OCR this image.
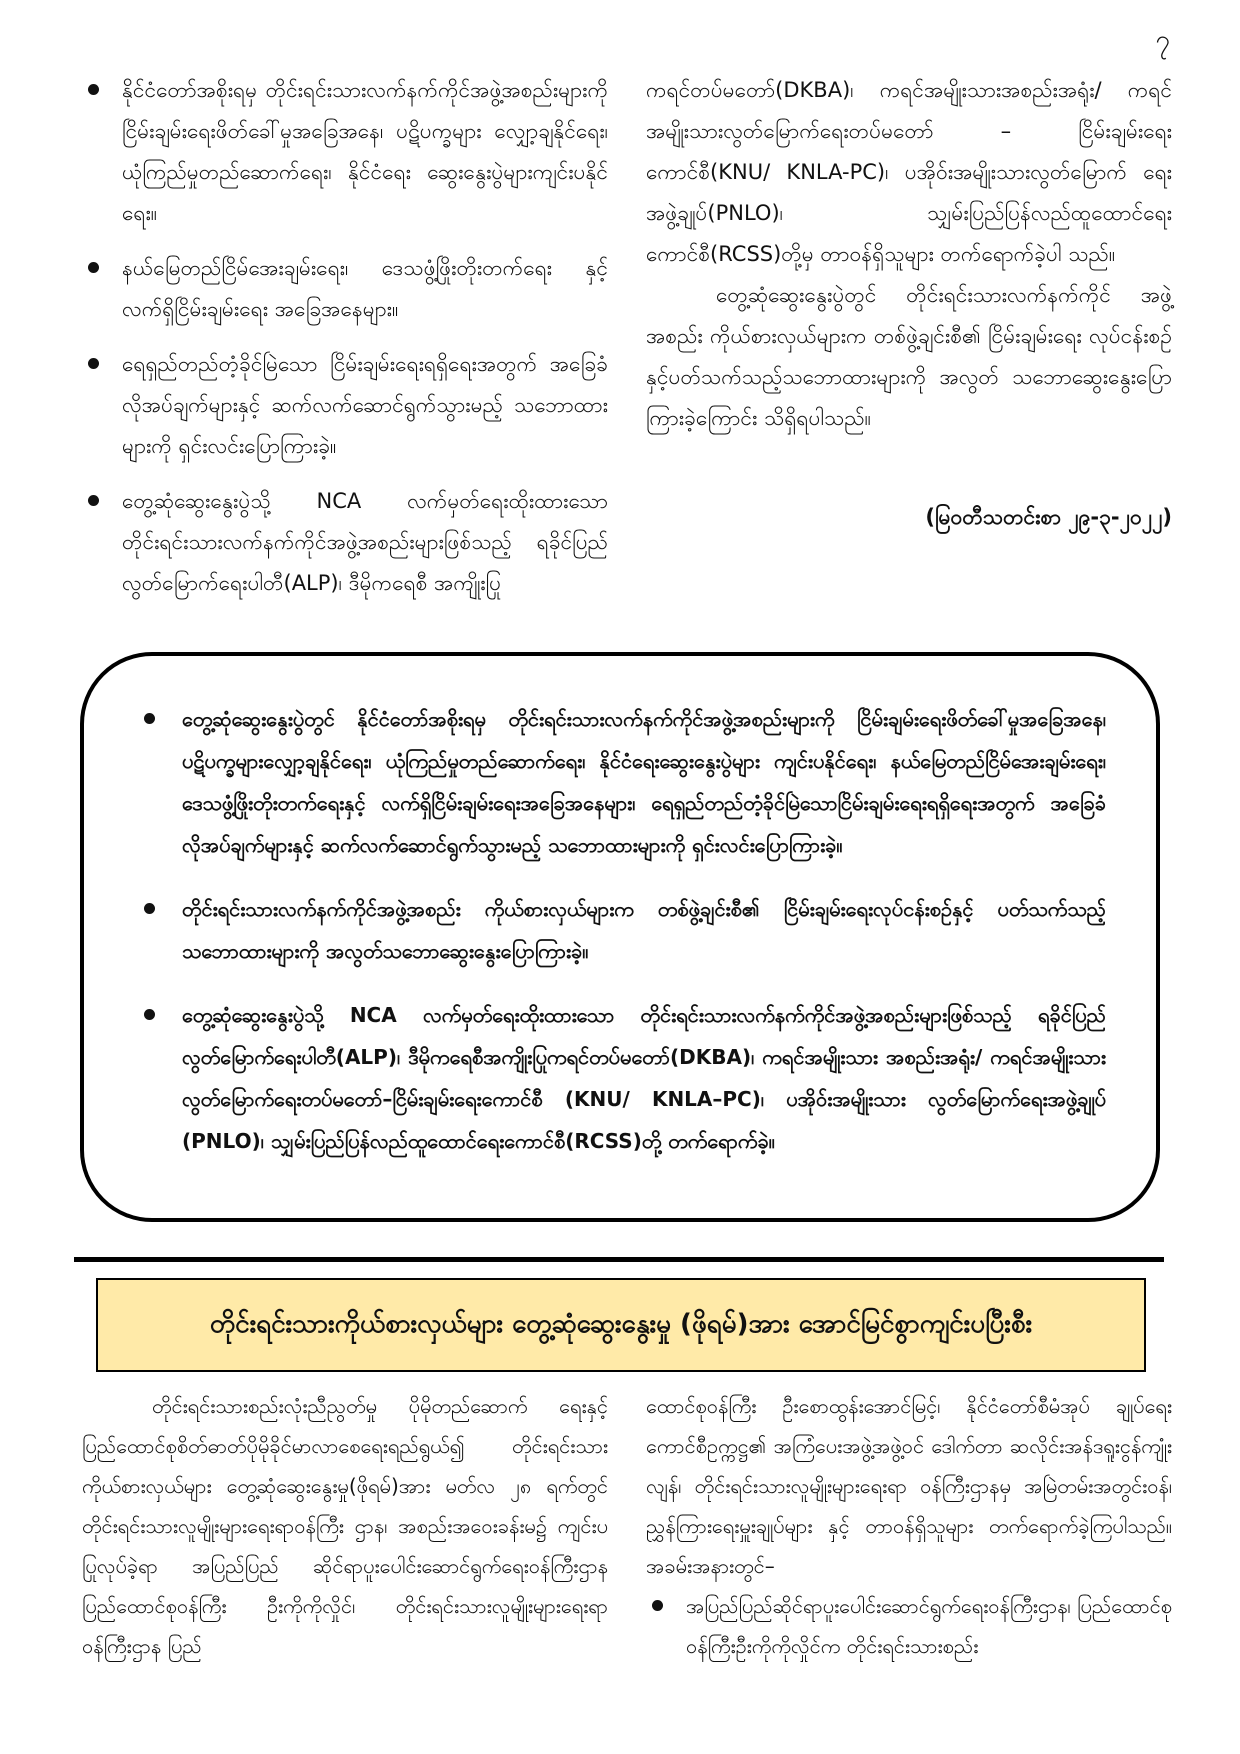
၇
နိုင်ငံတော်အစိုးရမှ တိုင်းရင်းသားလက်နက်ကိုင်အဖွဲ့အစည်းများကို ငြိမ်းချမ်းရေးဖိတ်ခေါ်မှုအခြေအနေ၊ ပဋိပက္ခများ လျှော့ချနိုင်ရေး၊ ယုံကြည်မှုတည်ဆောက်ရေး၊ နိုင်ငံရေး ဆွေးနွေးပွဲများကျင်းပနိုင်ရေး။
နယ်မြေတည်ငြိမ်အေးချမ်းရေး၊ ဒေသဖွံ့ဖြိုးတိုးတက်ရေး နှင့် လက်ရှိငြိမ်းချမ်းရေး အခြေအနေများ။
ရေရှည်တည်တံ့ခိုင်မြဲသော ငြိမ်းချမ်းရေးရရှိရေးအတွက် အခြေခံလိုအပ်ချက်များနှင့် ဆက်လက်ဆောင်ရွက်သွားမည့် သဘောထားများကို ရှင်းလင်းပြောကြားခဲ့။
တွေ့ဆုံဆွေးနွေးပွဲသို့ NCA လက်မှတ်ရေးထိုးထားသော တိုင်းရင်းသားလက်နက်ကိုင်အဖွဲ့အစည်းများဖြစ်သည့် ရခိုင်ပြည်လွတ်မြောက်ရေးပါတီ(ALP)၊ ဒီမိုကရေစီ အကျိုးပြု

ကရင်တပ်မတော်(DKBA)၊ ကရင်အမျိုးသားအစည်းအရုံး/ ကရင်အမျိုးသားလွတ်မြောက်ရေးတပ်မတော် – ငြိမ်းချမ်းရေး ကောင်စီ(KNU/ KNLA-PC)၊ ပအိုဝ်းအမျိုးသားလွတ်မြောက် ရေးအဖွဲ့ချုပ်(PNLO)၊ သျှမ်းပြည်ပြန်လည်ထူထောင်ရေး ကောင်စီ(RCSS)တို့မှ တာဝန်ရှိသူများ တက်ရောက်ခဲ့ပါ သည်။

တွေ့ဆုံဆွေးနွေးပွဲတွင် တိုင်းရင်းသားလက်နက်ကိုင် အဖွဲ့အစည်း ကိုယ်စားလှယ်များက တစ်ဖွဲ့ချင်းစီ၏ ငြိမ်းချမ်းရေး လုပ်ငန်းစဉ်နှင့်ပတ်သက်သည့်သဘောထားများကို အလွတ် သဘောဆွေးနွေးပြောကြားခဲ့ကြောင်း သိရှိရပါသည်။

(မြဝတီသတင်းစာ ၂၉-၃-၂၀၂၂)
တွေ့ဆုံဆွေးနွေးပွဲတွင် နိုင်ငံတော်အစိုးရမှ တိုင်းရင်းသားလက်နက်ကိုင်အဖွဲ့အစည်းများကို ငြိမ်းချမ်းရေးဖိတ်ခေါ်မှုအခြေအနေ၊ ပဋိပက္ခများလျှော့ချနိုင်ရေး၊ ယုံကြည်မှုတည်ဆောက်ရေး၊ နိုင်ငံရေးဆွေးနွေးပွဲများ ကျင်းပနိုင်ရေး၊ နယ်မြေတည်ငြိမ်အေးချမ်းရေး၊ ဒေသဖွံ့ဖြိုးတိုးတက်ရေးနှင့် လက်ရှိငြိမ်းချမ်းရေးအခြေအနေများ၊ ရေရှည်တည်တံ့ခိုင်မြဲသောငြိမ်းချမ်းရေးရရှိရေးအတွက် အခြေခံလိုအပ်ချက်များနှင့် ဆက်လက်ဆောင်ရွက်သွားမည့် သဘောထားများကို ရှင်းလင်းပြောကြားခဲ့။
တိုင်းရင်းသားလက်နက်ကိုင်အဖွဲ့အစည်း ကိုယ်စားလှယ်များက တစ်ဖွဲ့ချင်းစီ၏ ငြိမ်းချမ်းရေးလုပ်ငန်းစဉ်နှင့် ပတ်သက်သည့် သဘောထားများကို အလွတ်သဘောဆွေးနွေးပြောကြားခဲ့။
တွေ့ဆုံဆွေးနွေးပွဲသို့ NCA လက်မှတ်ရေးထိုးထားသော တိုင်းရင်းသားလက်နက်ကိုင်အဖွဲ့အစည်းများဖြစ်သည့် ရခိုင်ပြည်လွတ်မြောက်ရေးပါတီ(ALP)၊ ဒီမိုကရေစီအကျိုးပြုကရင်တပ်မတော်(DKBA)၊ ကရင်အမျိုးသား အစည်းအရုံး/ ကရင်အမျိုးသားလွတ်မြောက်ရေးတပ်မတော်–ငြိမ်းချမ်းရေးကောင်စီ (KNU/ KNLA–PC)၊ ပအိုဝ်းအမျိုးသား လွတ်မြောက်ရေးအဖွဲ့ချုပ် (PNLO)၊ သျှမ်းပြည်ပြန်လည်ထူထောင်ရေးကောင်စီ(RCSS)တို့ တက်ရောက်ခဲ့။
တိုင်းရင်းသားကိုယ်စားလှယ်များ တွေ့ဆုံဆွေးနွေးမှု (ဖိုရမ်)အား အောင်မြင်စွာကျင်းပပြီးစီး

တိုင်းရင်းသားစည်းလုံးညီညွတ်မှု ပိုမိုတည်ဆောက် ရေးနှင့် ပြည်ထောင်စုစိတ်ဓာတ်ပိုမိုခိုင်မာလာစေရေးရည်ရွယ်၍ တိုင်းရင်းသားကိုယ်စားလှယ်များ တွေ့ဆုံဆွေးနွေးမှု(ဖိုရမ်)အား မတ်လ ၂၈ ရက်တွင် တိုင်းရင်းသားလူမျိုးများရေးရာဝန်ကြီး ဌာန၊ အစည်းအဝေးခန်းမ၌ ကျင်းပပြုလုပ်ခဲ့ရာ အပြည်ပြည် ဆိုင်ရာပူးပေါင်းဆောင်ရွက်ရေးဝန်ကြီးဌာန ပြည်ထောင်စုဝန်ကြီး ဦးကိုကိုလှိုင်၊ တိုင်းရင်းသားလူမျိုးများရေးရာဝန်ကြီးဌာန ပြည်

ထောင်စုဝန်ကြီး ဦးစောထွန်းအောင်မြင့်၊ နိုင်ငံတော်စီမံအုပ် ချုပ်ရေးကောင်စီဥက္ကဋ္ဌ၏ အကြံပေးအဖွဲ့အဖွဲ့ဝင် ဒေါက်တာ ဆလိုင်းအန်ဒရူးငွန်ကျုံးလျန်၊ တိုင်းရင်းသားလူမျိုးများရေးရာ ဝန်ကြီးဌာနမှ အမြဲတမ်းအတွင်းဝန်၊ ညွှန်ကြားရေးမှူးချုပ်များ နှင့် တာဝန်ရှိသူများ တက်ရောက်ခဲ့ကြပါသည်။ အခမ်းအနားတွင်–

အပြည်ပြည်ဆိုင်ရာပူးပေါင်းဆောင်ရွက်ရေးဝန်ကြီးဌာန၊ ပြည်ထောင်စုဝန်ကြီးဦးကိုကိုလှိုင်က တိုင်းရင်းသားစည်း
